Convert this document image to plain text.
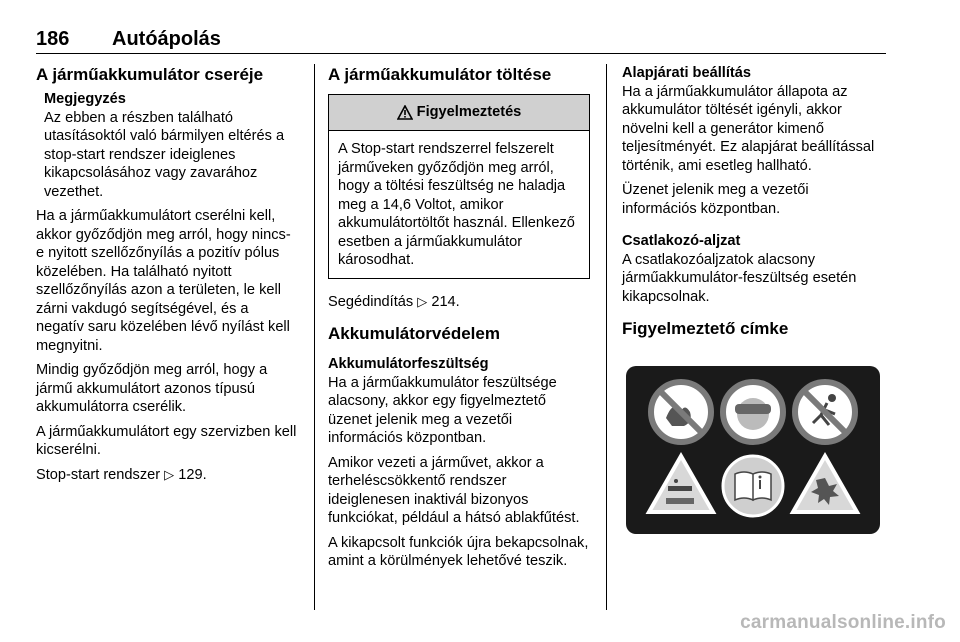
186 Autóápolás
A járműakkumulátor cseréje
Megjegyzés
Az ebben a részben található utasításoktól való bármilyen eltérés a stop-start rendszer ideiglenes kikapcsolásához vagy zavarához vezethet.

Ha a járműakkumulátort cserélni kell, akkor győződjön meg arról, hogy nincs-e nyitott szellőzőnyílás a pozitív pólus közelében. Ha található nyitott szellőzőnyílás azon a területen, le kell zárni vakdugó segítségével, és a negatív saru közelében lévő nyílást kell megnyitni.

Mindig győződjön meg arról, hogy a jármű akkumulátort azonos típusú akkumulátorra cserélik.

A járműakkumulátort egy szervizben kell kicserélni.

Stop-start rendszer ▷ 129.

A járműakkumulátor töltése
Figyelmeztetés
A Stop-start rendszerrel felszerelt járműveken győződjön meg arról, hogy a töltési feszültség ne haladja meg a 14,6 Voltot, amikor akkumulátortöltőt használ. Ellenkező esetben a járműakkumulátor károsodhat.

Segédindítás ▷ 214.

Akkumulátorvédelem
Akkumulátorfeszültség

Ha a járműakkumulátor feszültsége alacsony, akkor egy figyelmeztető üzenet jelenik meg a vezetői információs központban.

Amikor vezeti a járművet, akkor a terheléscsökkentő rendszer ideiglenesen inaktivál bizonyos funkciókat, például a hátsó ablakfűtést.

A kikapcsolt funkciók újra bekapcsolnak, amint a körülmények lehetővé teszik.

Alapjárati beállítás

Ha a járműakkumulátor állapota az akkumulátor töltését igényli, akkor növelni kell a generátor kimenő teljesítményét. Ez alapjárat beállítással történik, ami esetleg hallható.

Üzenet jelenik meg a vezetői információs központban.

Csatlakozó-aljzat

A csatlakozóaljzatok alacsony járműakkumulátor-feszültség esetén kikapcsolnak.

Figyelmeztető címke
carmanualsonline.info
